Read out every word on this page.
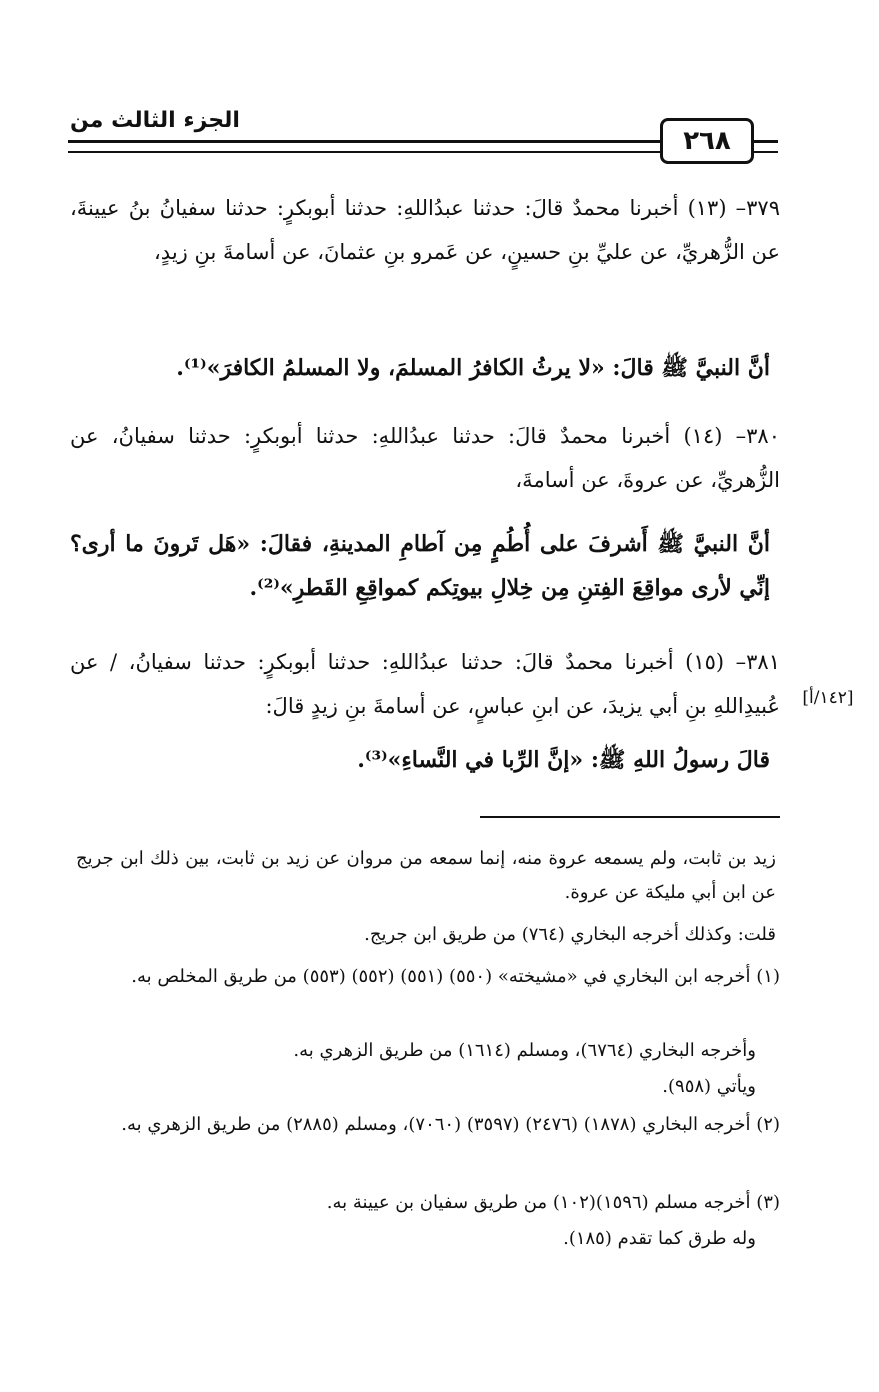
الجزء الثالث من
٢٦٨
٣٧٩– (١٣) أخبرنا محمدٌ قالَ: حدثنا عبدُاللهِ: حدثنا أبوبكرٍ: حدثنا سفيانُ بنُ عيينةَ، عن الزُّهريِّ، عن عليِّ بنِ حسينٍ، عن عَمرو بنِ عثمانَ، عن أسامةَ بنِ زيدٍ،
أنَّ النبيَّ ﷺ قالَ: «لا يرثُ الكافرُ المسلمَ، ولا المسلمُ الكافرَ»⁽¹⁾.
٣٨٠– (١٤) أخبرنا محمدٌ قالَ: حدثنا عبدُاللهِ: حدثنا أبوبكرٍ: حدثنا سفيانُ، عن الزُّهريِّ، عن عروةَ، عن أسامةَ،
أنَّ النبيَّ ﷺ أَشرفَ على أُطُمٍ مِن آطامِ المدينةِ، فقالَ: «هَل تَرونَ ما أرى؟ إنِّي لأرى مواقِعَ الفِتنِ مِن خِلالِ بيوتِكم كمواقِعِ القَطرِ»⁽²⁾.
٣٨١– (١٥) أخبرنا محمدٌ قالَ: حدثنا عبدُاللهِ: حدثنا أبوبكرٍ: حدثنا سفيانُ، / عن عُبيدِاللهِ بنِ أبي يزيدَ، عن ابنِ عباسٍ، عن أسامةَ بنِ زيدٍ قالَ:	[١٤٢/أ]
قالَ رسولُ اللهِ ﷺ: «إنَّ الرِّبا في النَّساءِ»⁽³⁾.
زيد بن ثابت، ولم يسمعه عروة منه، إنما سمعه من مروان عن زيد بن ثابت، بين ذلك ابن جريج عن ابن أبي مليكة عن عروة.
قلت: وكذلك أخرجه البخاري (٧٦٤) من طريق ابن جريج.
(١) أخرجه ابن البخاري في «مشيخته» (٥٥٠) (٥٥١) (٥٥٢) (٥٥٣) من طريق المخلص به.
وأخرجه البخاري (٦٧٦٤)، ومسلم (١٦١٤) من طريق الزهري به.
ويأتي (٩٥٨).
(٢) أخرجه البخاري (١٨٧٨) (٢٤٧٦) (٣٥٩٧) (٧٠٦٠)، ومسلم (٢٨٨٥) من طريق الزهري به.
(٣) أخرجه مسلم (١٥٩٦)(١٠٢) من طريق سفيان بن عيينة به.
وله طرق كما تقدم (١٨٥).
